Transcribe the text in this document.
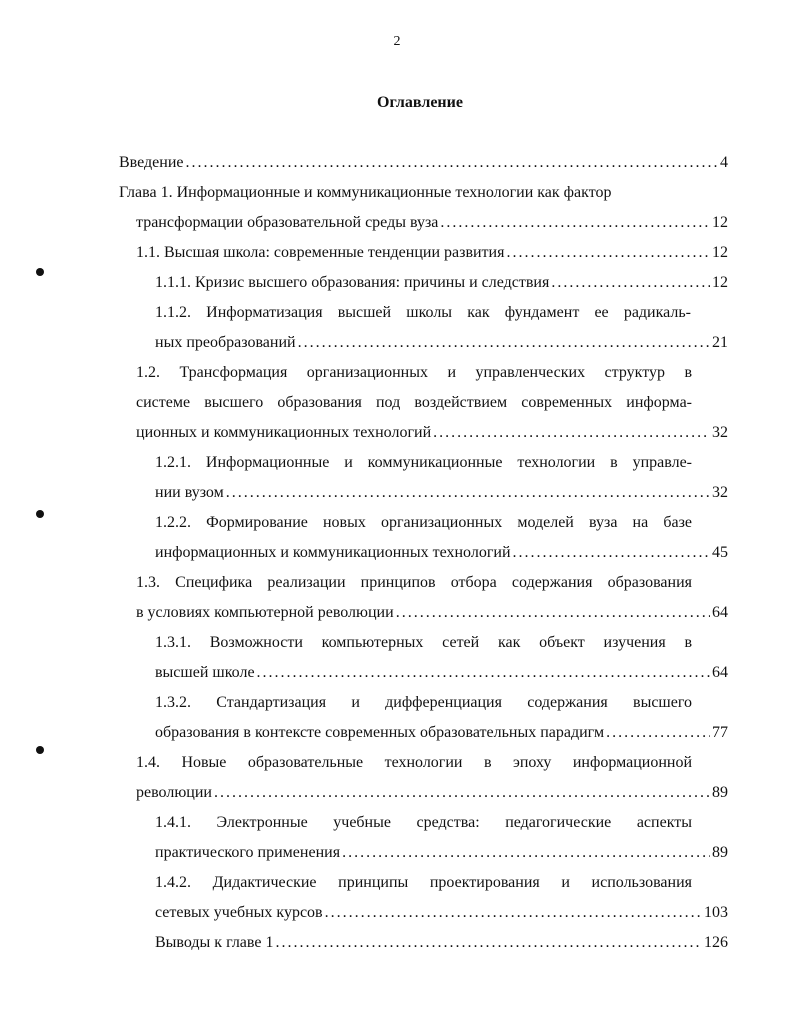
2
Оглавление
Введение . . .	4
Глава 1. Информационные и коммуникационные технологии как фактор
трансформации образовательной среды вуза . . .	12
1.1. Высшая школа: современные тенденции развития . . .	12
1.1.1. Кризис высшего образования: причины и следствия . . .	12
1.1.2. Информатизация высшей школы как фундамент ее радикаль-
ных преобразований . . .	21
1.2. Трансформация организационных и управленческих структур в
системе высшего образования под воздействием современных информа-
ционных и коммуникационных технологий . . .	32
1.2.1. Информационные и коммуникационные технологии в управле-
нии вузом . . .	32
1.2.2. Формирование новых организационных моделей вуза на базе
информационных и коммуникационных технологий . . .	45
1.3. Специфика реализации принципов отбора содержания образования
в условиях компьютерной революции . . .	64
1.3.1. Возможности компьютерных сетей как объект изучения в
высшей школе . . .	64
1.3.2. Стандартизация и дифференциация содержания высшего
образования в контексте современных образовательных парадигм . . .	77
1.4. Новые образовательные технологии в эпоху информационной
революции . . .	89
1.4.1. Электронные учебные средства: педагогические аспекты
практического применения . . .	89
1.4.2. Дидактические принципы проектирования и использования
сетевых учебных курсов . . .	103
Выводы к главе 1 . . .	126
